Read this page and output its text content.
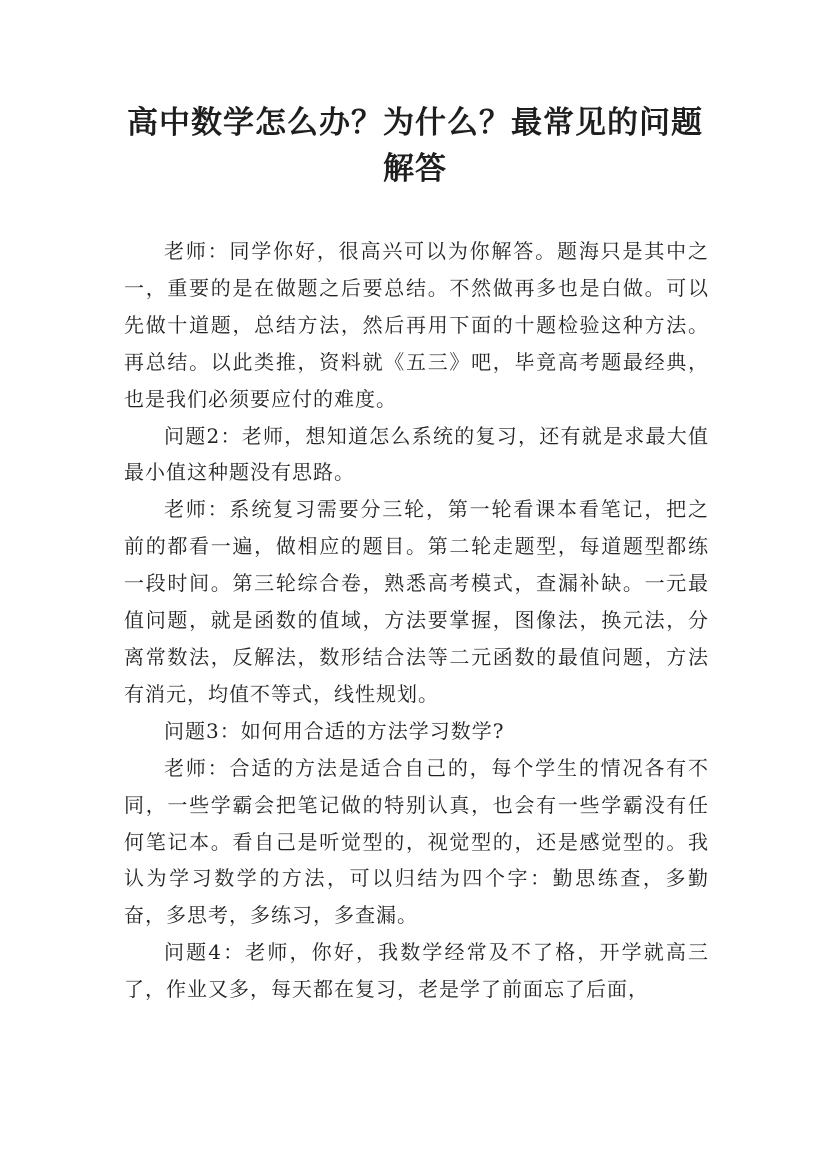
高中数学怎么办？为什么？最常见的问题解答

老师：同学你好，很高兴可以为你解答。题海只是其中之一，重要的是在做题之后要总结。不然做再多也是白做。可以先做十道题，总结方法，然后再用下面的十题检验这种方法。再总结。以此类推，资料就《五三》吧，毕竟高考题最经典，也是我们必须要应付的难度。

问题2：老师，想知道怎么系统的复习，还有就是求最大值最小值这种题没有思路。

老师：系统复习需要分三轮，第一轮看课本看笔记，把之前的都看一遍，做相应的题目。第二轮走题型，每道题型都练一段时间。第三轮综合卷，熟悉高考模式，查漏补缺。一元最值问题，就是函数的值域，方法要掌握，图像法，换元法，分离常数法，反解法，数形结合法等二元函数的最值问题，方法有消元，均值不等式，线性规划。

问题3：如何用合适的方法学习数学?

老师：合适的方法是适合自己的，每个学生的情况各有不同，一些学霸会把笔记做的特别认真，也会有一些学霸没有任何笔记本。看自己是听觉型的，视觉型的，还是感觉型的。我认为学习数学的方法，可以归结为四个字：勤思练查，多勤奋，多思考，多练习，多查漏。

问题4：老师，你好，我数学经常及不了格，开学就高三了，作业又多，每天都在复习，老是学了前面忘了后面，
